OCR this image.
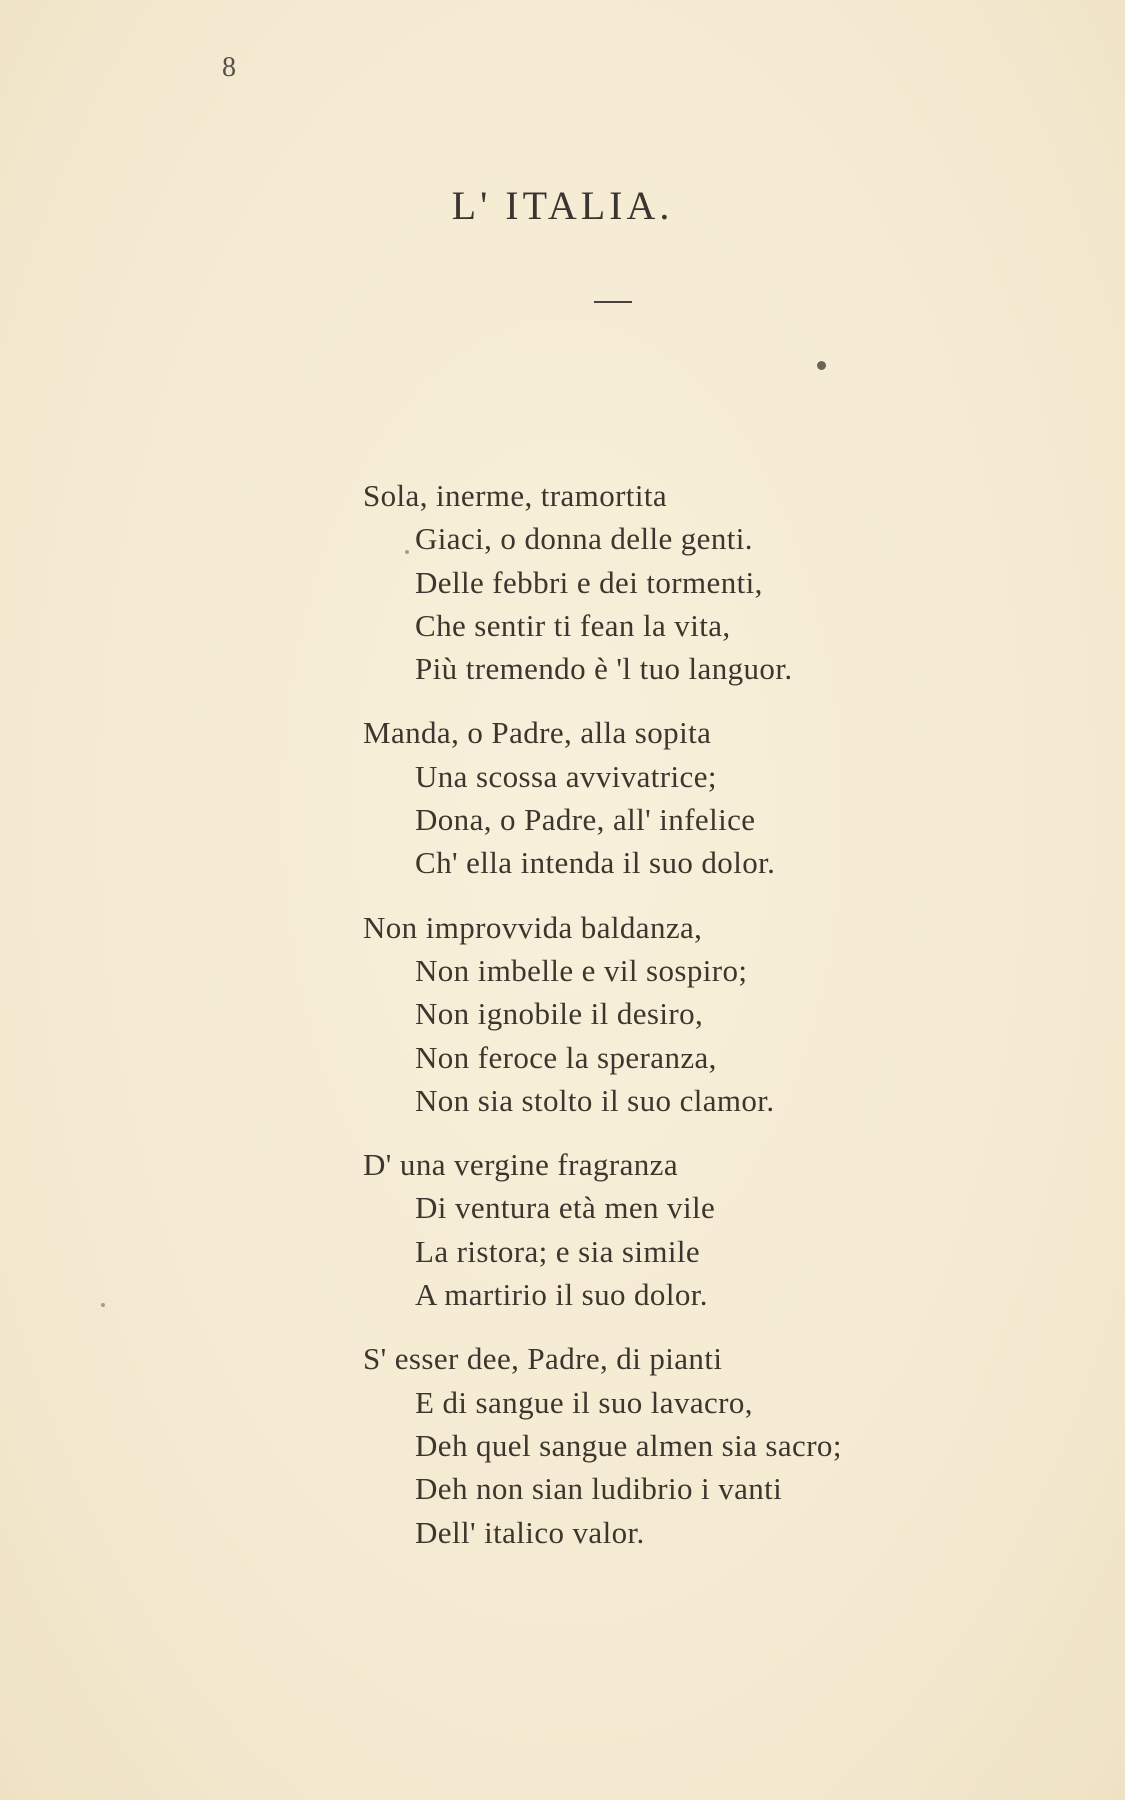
8
L' ITALIA.
Sola, inerme, tramortita
Giaci, o donna delle genti.
Delle febbri e dei tormenti,
Che sentir ti fean la vita,
Più tremendo è 'l tuo languor.
Manda, o Padre, alla sopita
Una scossa avvivatrice;
Dona, o Padre, all' infelice
Ch' ella intenda il suo dolor.
Non improvvida baldanza,
Non imbelle e vil sospiro;
Non ignobile il desiro,
Non feroce la speranza,
Non sia stolto il suo clamor.
D' una vergine fragranza
Di ventura età men vile
La ristora; e sia simile
A martirio il suo dolor.
S' esser dee, Padre, di pianti
E di sangue il suo lavacro,
Deh quel sangue almen sia sacro;
Deh non sian ludibrio i vanti
Dell' italico valor.
